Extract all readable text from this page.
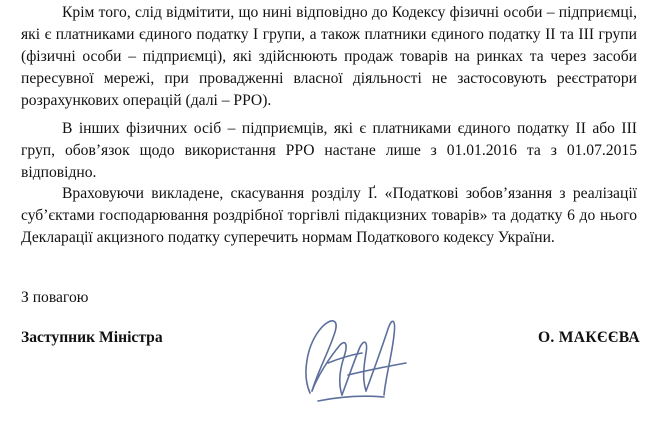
Крім того, слід відмітити, що нині відповідно до Кодексу фізичні особи – підприємці, які є платниками єдиного податку І групи, а також платники єдиного податку ІІ та ІІІ групи (фізичні особи – підприємці), які здійснюють продаж товарів на ринках та через засоби пересувної мережі, при провадженні власної діяльності не застосовують реєстратори розрахункових операцій (далі – РРО).

В інших фізичних осіб – підприємців, які є платниками єдиного податку ІІ або ІІІ груп, обов’язок щодо використання РРО настане лише з 01.01.2016 та з 01.07.2015 відповідно.

Враховуючи викладене, скасування розділу Ґ. «Податкові зобов’язання з реалізації суб’єктами господарювання роздрібної торгівлі підакцизних товарів» та додатку 6 до нього Декларації акцизного податку суперечить нормам Податкового кодексу України.

З повагою

Заступник Міністра	О. МАКЄЄВА
